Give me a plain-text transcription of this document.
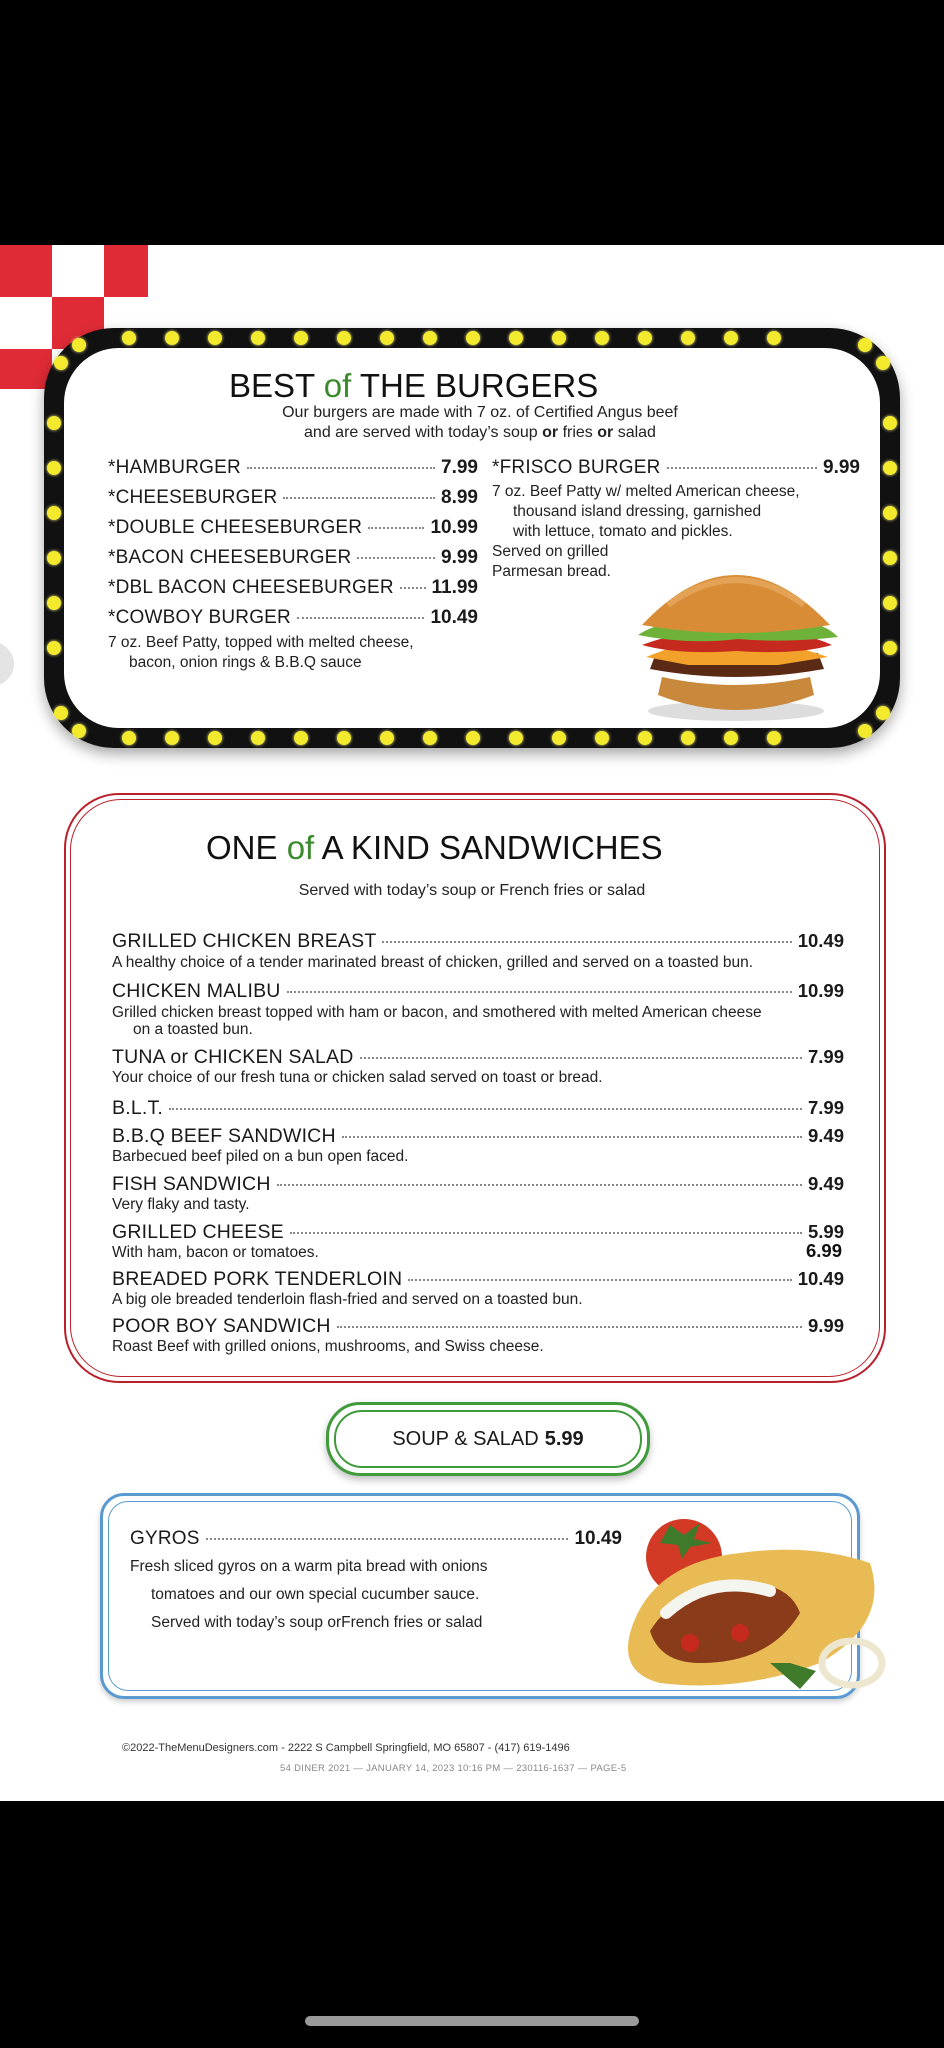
BEST of THE BURGERS
Our burgers are made with 7 oz. of Certified Angus beef
and are served with today’s soup or fries or salad
*HAMBURGER	7.99
*CHEESEBURGER	8.99
*DOUBLE CHEESEBURGER	10.99
*BACON CHEESEBURGER	9.99
*DBL BACON CHEESEBURGER 11.99
*COWBOY BURGER	10.49
7 oz. Beef Patty, topped with melted cheese,
bacon, onion rings & B.B.Q sauce
*FRISCO BURGER	9.99
7 oz. Beef Patty w/ melted American cheese,
thousand island dressing, garnished
with lettuce, tomato and pickles.
Served on grilled
Parmesan bread.
ONE of A KIND SANDWICHES
Served with today’s soup or French fries or salad
GRILLED CHICKEN BREAST	10.49
A healthy choice of a tender marinated breast of chicken, grilled and served on a toasted bun.
CHICKEN MALIBU	10.99
Grilled chicken breast topped with ham or bacon, and smothered with melted American cheese
on a toasted bun.
TUNA or CHICKEN SALAD	7.99
Your choice of our fresh tuna or chicken salad served on toast or bread.
B.L.T.	7.99
B.B.Q BEEF SANDWICH	9.49
Barbecued beef piled on a bun open faced.
FISH SANDWICH	9.49
Very flaky and tasty.
GRILLED CHEESE	5.99
With ham, bacon or tomatoes.	6.99
BREADED PORK TENDERLOIN	10.49
A big ole breaded tenderloin flash-fried and served on a toasted bun.
POOR BOY SANDWICH	9.99
Roast Beef with grilled onions, mushrooms, and Swiss cheese.
SOUP & SALAD 5.99
GYROS	10.49
Fresh sliced gyros on a warm pita bread with onions
tomatoes and our own special cucumber sauce.
Served with today’s soup orFrench fries or salad
©2022-TheMenuDesigners.com - 2222 S Campbell Springfield, MO 65807 - (417) 619-1496
54 DINER 2021 — JANUARY 14, 2023 10:16 PM — 230116-1637 — PAGE-5
